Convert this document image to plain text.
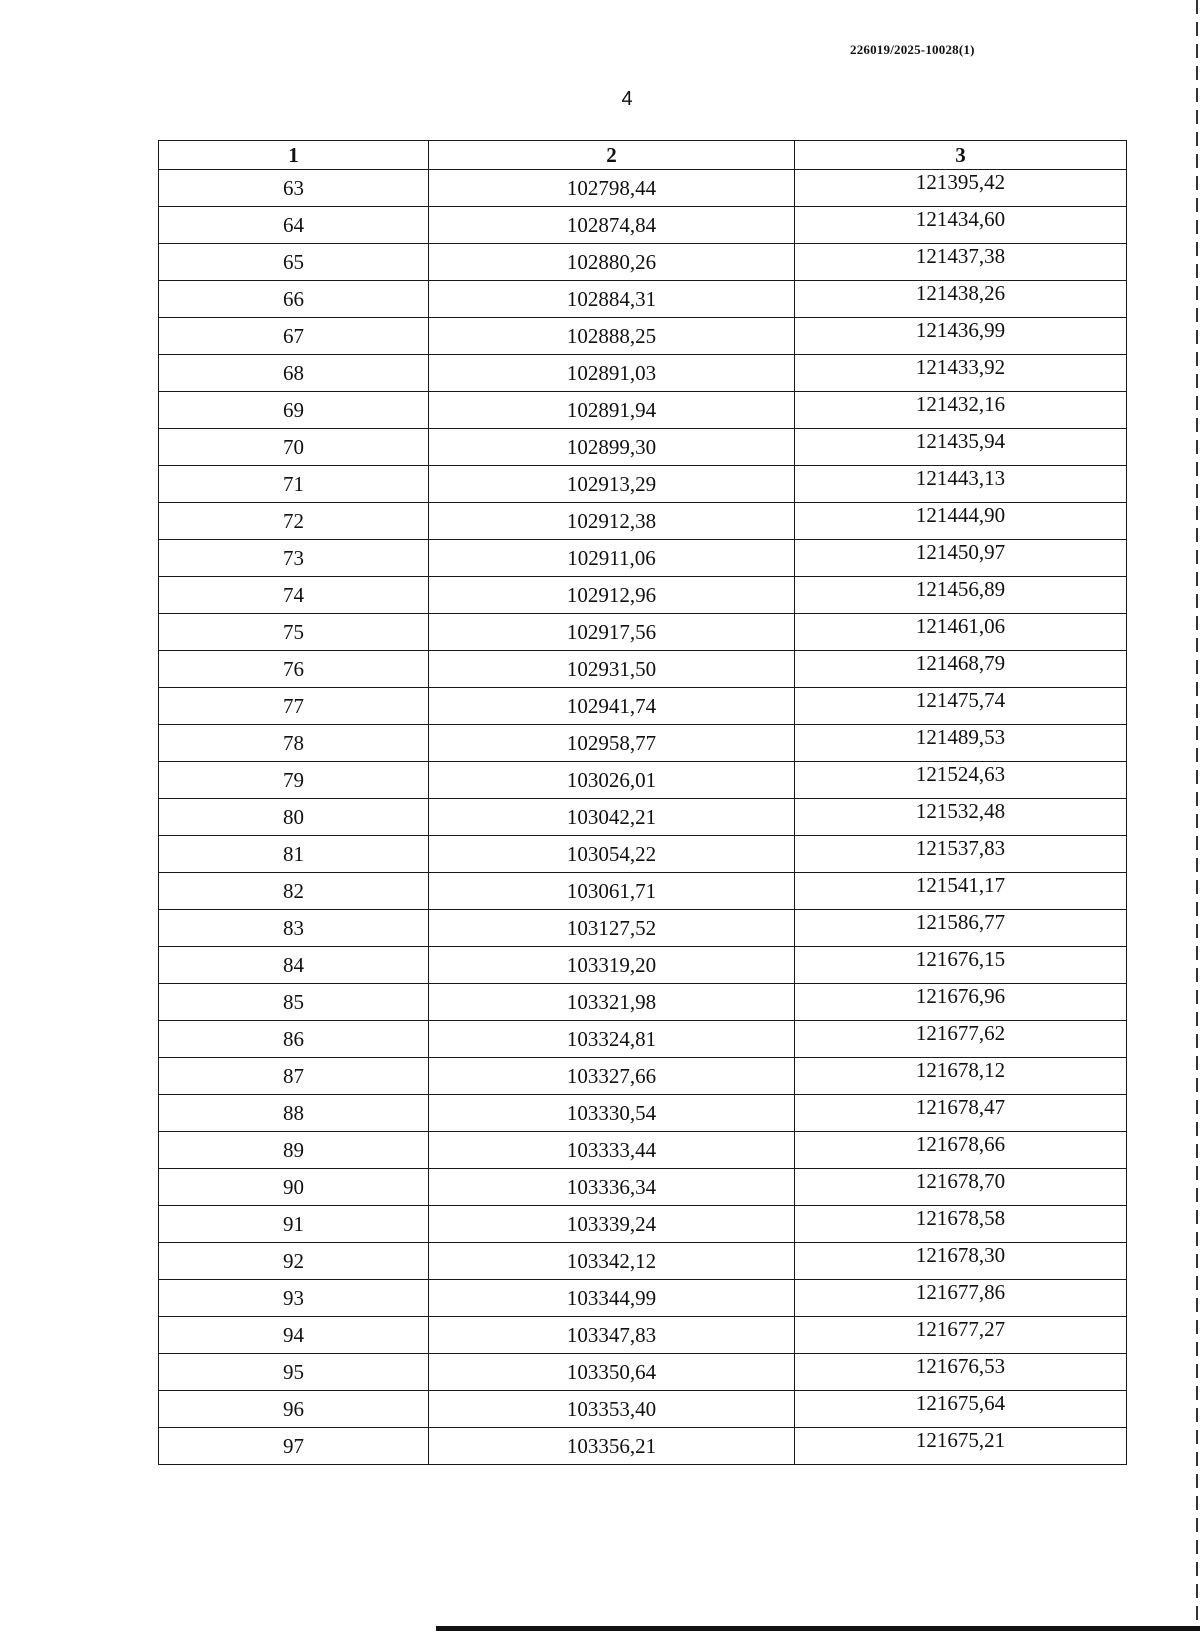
226019/2025-10028(1)
4
1	2	3
63	102798,44	121395,42
64	102874,84	121434,60
65	102880,26	121437,38
66	102884,31	121438,26
67	102888,25	121436,99
68	102891,03	121433,92
69	102891,94	121432,16
70	102899,30	121435,94
71	102913,29	121443,13
72	102912,38	121444,90
73	102911,06	121450,97
74	102912,96	121456,89
75	102917,56	121461,06
76	102931,50	121468,79
77	102941,74	121475,74
78	102958,77	121489,53
79	103026,01	121524,63
80	103042,21	121532,48
81	103054,22	121537,83
82	103061,71	121541,17
83	103127,52	121586,77
84	103319,20	121676,15
85	103321,98	121676,96
86	103324,81	121677,62
87	103327,66	121678,12
88	103330,54	121678,47
89	103333,44	121678,66
90	103336,34	121678,70
91	103339,24	121678,58
92	103342,12	121678,30
93	103344,99	121677,86
94	103347,83	121677,27
95	103350,64	121676,53
96	103353,40	121675,64
97	103356,21	121675,21
